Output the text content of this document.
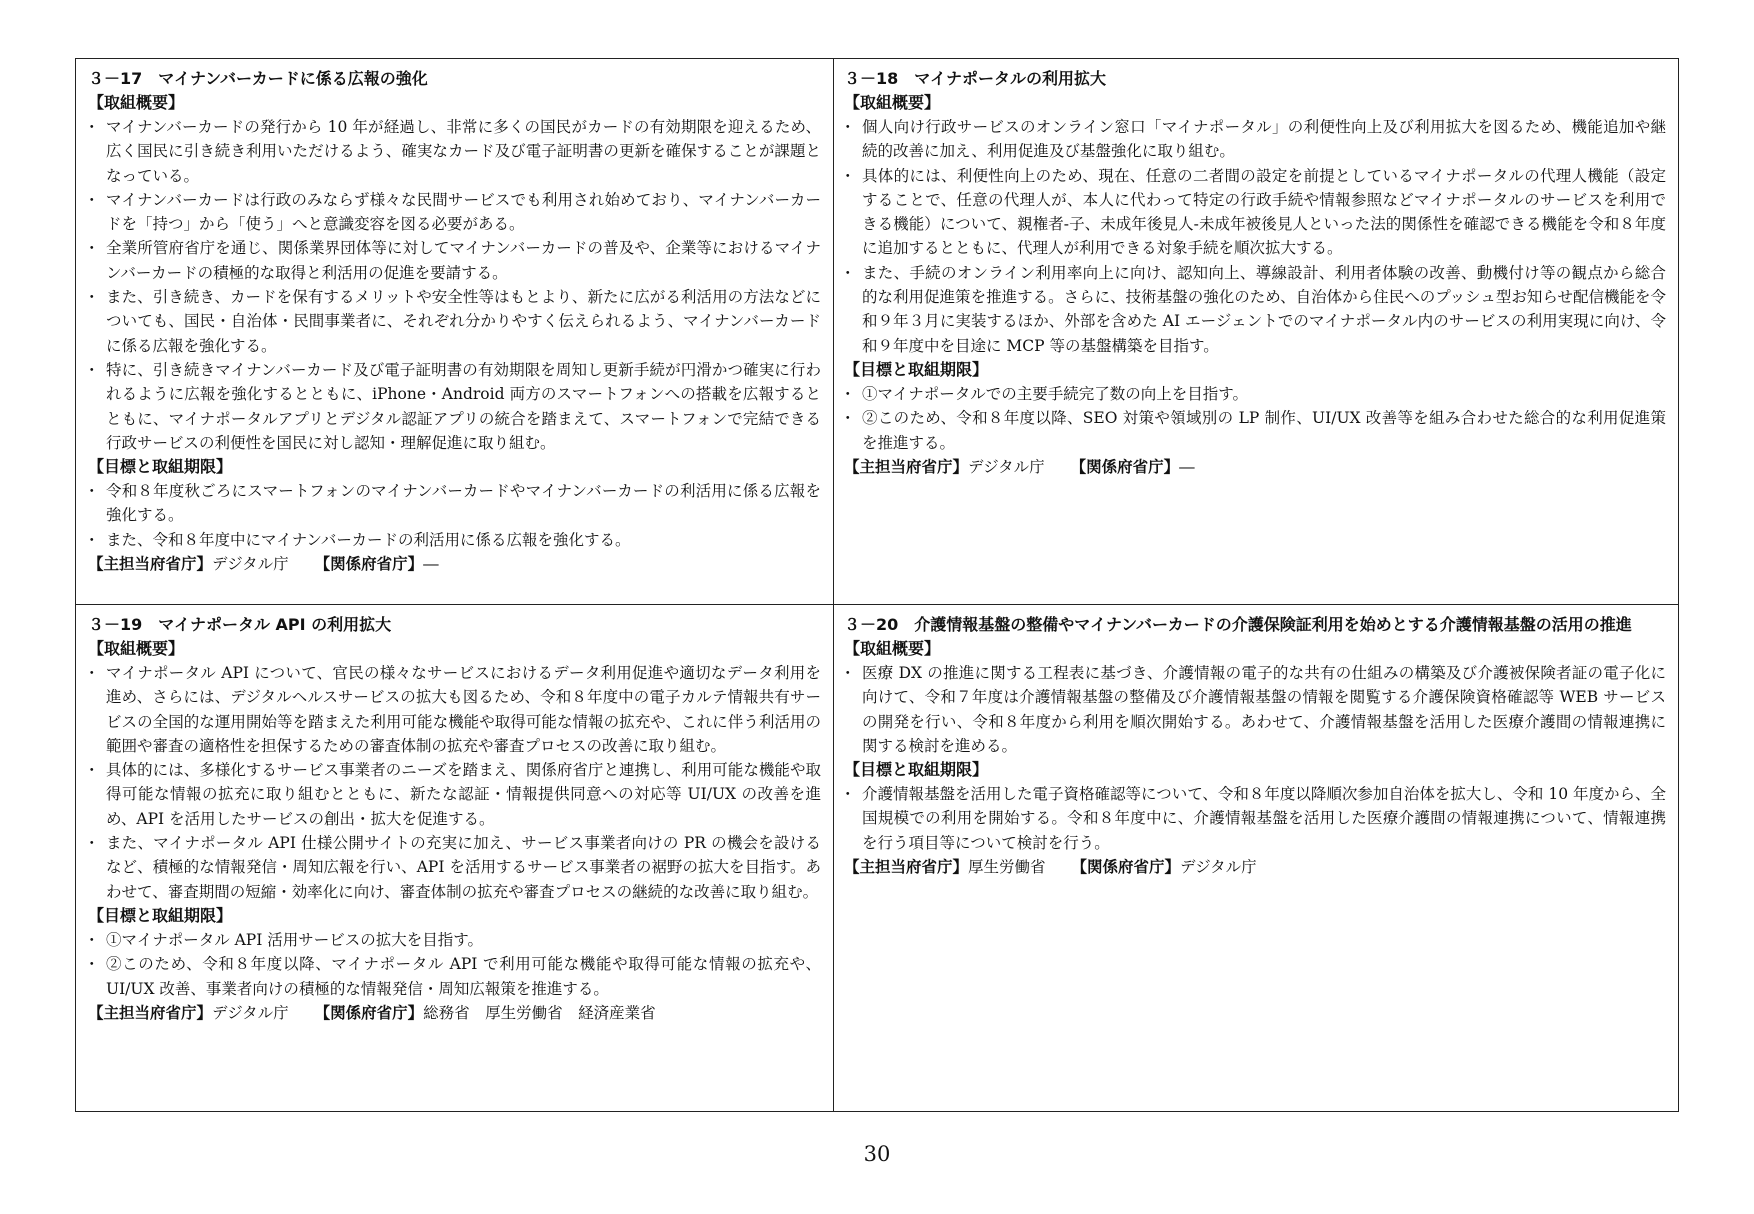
３－17　マイナンバーカードに係る広報の強化

【取組概要】

・ マイナンバーカードの発行から 10 年が経過し、非常に多くの国民がカードの有効期限を迎えるため、広く国民に引き続き利用いただけるよう、確実なカード及び電子証明書の更新を確保することが課題となっている。
・ マイナンバーカードは行政のみならず様々な民間サービスでも利用され始めており、マイナンバーカードを「持つ」から「使う」へと意識変容を図る必要がある。
・ 全業所管府省庁を通じ、関係業界団体等に対してマイナンバーカードの普及や、企業等におけるマイナンバーカードの積極的な取得と利活用の促進を要請する。
・ また、引き続き、カードを保有するメリットや安全性等はもとより、新たに広がる利活用の方法などについても、国民・自治体・民間事業者に、それぞれ分かりやすく伝えられるよう、マイナンバーカードに係る広報を強化する。
・ 特に、引き続きマイナンバーカード及び電子証明書の有効期限を周知し更新手続が円滑かつ確実に行われるように広報を強化するとともに、iPhone・Android 両方のスマートフォンへの搭載を広報するとともに、マイナポータルアプリとデジタル認証アプリの統合を踏まえて、スマートフォンで完結できる行政サービスの利便性を国民に対し認知・理解促進に取り組む。

【目標と取組期限】

・ 令和８年度秋ごろにスマートフォンのマイナンバーカードやマイナンバーカードの利活用に係る広報を強化する。
・ また、令和８年度中にマイナンバーカードの利活用に係る広報を強化する。

【主担当府省庁】デジタル庁 【関係府省庁】―

３－18　マイナポータルの利用拡大

【取組概要】

・ 個人向け行政サービスのオンライン窓口「マイナポータル」の利便性向上及び利用拡大を図るため、機能追加や継続的改善に加え、利用促進及び基盤強化に取り組む。
・ 具体的には、利便性向上のため、現在、任意の二者間の設定を前提としているマイナポータルの代理人機能（設定することで、任意の代理人が、本人に代わって特定の行政手続や情報参照などマイナポータルのサービスを利用できる機能）について、親権者-子、未成年後見人-未成年被後見人といった法的関係性を確認できる機能を令和８年度に追加するとともに、代理人が利用できる対象手続を順次拡大する。
・ また、手続のオンライン利用率向上に向け、認知向上、導線設計、利用者体験の改善、動機付け等の観点から総合的な利用促進策を推進する。さらに、技術基盤の強化のため、自治体から住民へのプッシュ型お知らせ配信機能を令和９年３月に実装するほか、外部を含めた AI エージェントでのマイナポータル内のサービスの利用実現に向け、令和９年度中を目途に MCP 等の基盤構築を目指す。

【目標と取組期限】

・ ①マイナポータルでの主要手続完了数の向上を目指す。
・ ②このため、令和８年度以降、SEO 対策や領域別の LP 制作、UI/UX 改善等を組み合わせた総合的な利用促進策を推進する。

【主担当府省庁】デジタル庁 【関係府省庁】―

３－19　マイナポータル API の利用拡大

【取組概要】

・ マイナポータル API について、官民の様々なサービスにおけるデータ利用促進や適切なデータ利用を進め、さらには、デジタルヘルスサービスの拡大も図るため、令和８年度中の電子カルテ情報共有サービスの全国的な運用開始等を踏まえた利用可能な機能や取得可能な情報の拡充や、これに伴う利活用の範囲や審査の適格性を担保するための審査体制の拡充や審査プロセスの改善に取り組む。
・ 具体的には、多様化するサービス事業者のニーズを踏まえ、関係府省庁と連携し、利用可能な機能や取得可能な情報の拡充に取り組むとともに、新たな認証・情報提供同意への対応等 UI/UX の改善を進め、API を活用したサービスの創出・拡大を促進する。
・ また、マイナポータル API 仕様公開サイトの充実に加え、サービス事業者向けの PR の機会を設けるなど、積極的な情報発信・周知広報を行い、API を活用するサービス事業者の裾野の拡大を目指す。あわせて、審査期間の短縮・効率化に向け、審査体制の拡充や審査プロセスの継続的な改善に取り組む。

【目標と取組期限】

・ ①マイナポータル API 活用サービスの拡大を目指す。
・ ②このため、令和８年度以降、マイナポータル API で利用可能な機能や取得可能な情報の拡充や、UI/UX 改善、事業者向けの積極的な情報発信・周知広報策を推進する。

【主担当府省庁】デジタル庁 【関係府省庁】総務省　厚生労働省　経済産業省

３－20　介護情報基盤の整備やマイナンバーカードの介護保険証利用を始めとする介護情報基盤の活用の推進

【取組概要】

・ 医療 DX の推進に関する工程表に基づき、介護情報の電子的な共有の仕組みの構築及び介護被保険者証の電子化に向けて、令和７年度は介護情報基盤の整備及び介護情報基盤の情報を閲覧する介護保険資格確認等 WEB サービスの開発を行い、令和８年度から利用を順次開始する。あわせて、介護情報基盤を活用した医療介護間の情報連携に関する検討を進める。

【目標と取組期限】

・ 介護情報基盤を活用した電子資格確認等について、令和８年度以降順次参加自治体を拡大し、令和 10 年度から、全国規模での利用を開始する。令和８年度中に、介護情報基盤を活用した医療介護間の情報連携について、情報連携を行う項目等について検討を行う。

【主担当府省庁】厚生労働省 【関係府省庁】デジタル庁

30
